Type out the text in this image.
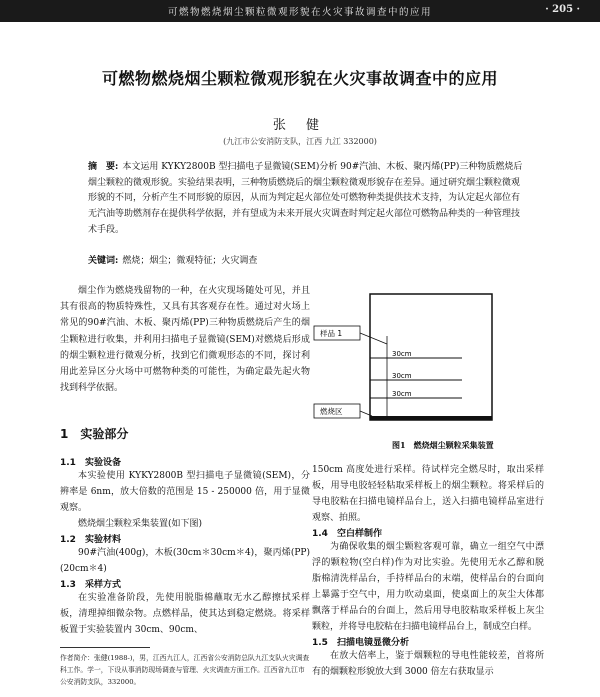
可燃物燃烧烟尘颗粒微观形貌在火灾事故调查中的应用	· 205 ·
可燃物燃烧烟尘颗粒微观形貌在火灾事故调查中的应用
张 健
(九江市公安消防支队，江西 九江 332000)
摘　要: 本文运用 KYKY2800B 型扫描电子显微镜(SEM)分析 90#汽油、木板、聚丙烯(PP)三种物质燃烧后烟尘颗粒的微观形貌。实验结果表明，三种物质燃烧后的烟尘颗粒微观形貌存在差异。通过研究烟尘颗粒微观形貌的不同，分析产生不同形貌的原因，从而为判定起火部位处可燃物种类提供技术支持，为认定起火部位有无汽油等助燃剂存在提供科学依据，并有望成为未来开展火灾调查时判定起火部位可燃物品种类的一种管理技术手段。
关键词: 燃烧；烟尘；微观特征；火灾调查
烟尘作为燃烧残留物的一种，在火灾现场随处可见，并且其有很高的物质特殊性，又具有其客观存在性。通过对火场上常见的90#汽油、木板、聚丙烯(PP)三种物质燃烧后产生的烟尘颗粒进行收集，并利用扫描电子显微镜(SEM)对燃烧后形成的烟尘颗粒进行微观分析，找到它们微观形态的不同，探讨利用此差异区分火场中可燃物种类的可能性，为确定最先起火物找到科学依据。
1　实验部分
1.1　实验设备
本实验使用 KYKY2800B 型扫描电子显微镜(SEM)，分辨率是 6nm，放大倍数的范围是 15 - 250000 倍，用于显微观察。
燃烧烟尘颗粒采集装置(如下图)
1.2　实验材料
90#汽油(400g)，木板(30cm＊30cm＊4)，聚丙烯(PP)(20cm＊4)
1.3　采样方式
在实验准备阶段，先使用脱脂棉蘸取无水乙醇擦拭采样板，清理掉细微杂物。点燃样品，使其达到稳定燃烧。将采样板置于实验装置内 30cm、90cm、
30cm
30cm
30cm
样品 1
燃烧区
图1　燃烧烟尘颗粒采集装置
150cm 高度处进行采样。待试样完全燃尽时，取出采样板，用导电胶轻轻粘取采样板上的烟尘颗粒。将采样后的导电胶粘在扫描电镜样品台上，送入扫描电镜样品室进行观察、拍照。
1.4　空白样制作
为确保收集的烟尘颗粒客观可靠，确立一组空气中漂浮的颗粒物(空白样)作为对比实验。先使用无水乙醇和脱脂棉清洗样品台，手持样品台的末端，使样品台的台面向上暴露于空气中，用力吹动桌面，使桌面上的灰尘大体都飘落于样品台的台面上，然后用导电胶粘取采样板上灰尘颗粒，并将导电胶粘在扫描电镜样品台上，制成空白样。
1.5　扫描电镜显微分析
在放大倍率上，鉴于烟颗粒的导电性能较差，首将所有的烟颗粒形貌放大到 3000 倍左右获取显示
作者简介：张健(1988-)，男，江西九江人，江西省公安消防总队九江支队火灾调查科工作。学一，下设从事消防现场调查与管理、火灾调查方面工作。江西省九江市公安消防支队，332000。
